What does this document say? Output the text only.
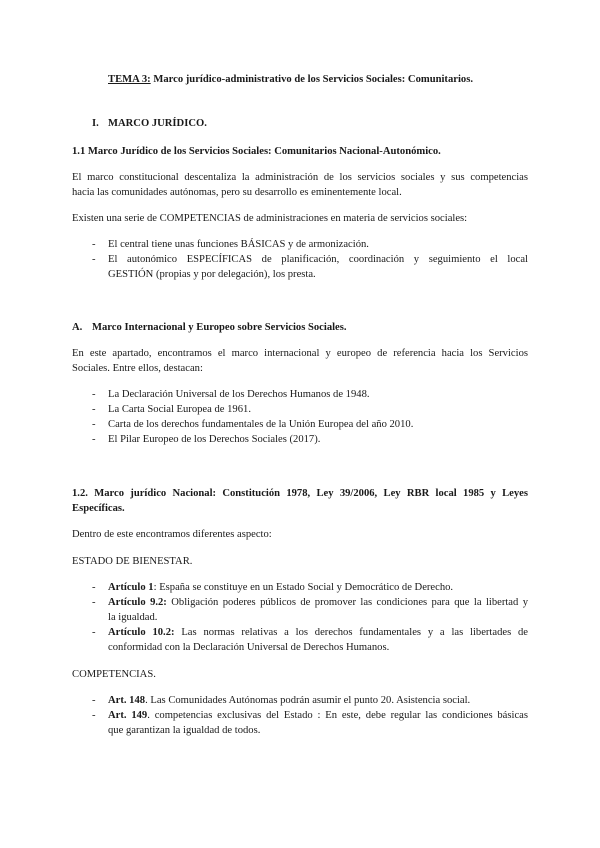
TEMA 3: Marco jurídico-administrativo de los Servicios Sociales: Comunitarios.
I. MARCO JURÍDICO.
1.1 Marco Jurídico de los Servicios Sociales: Comunitarios Nacional-Autonómico.
El marco constitucional descentaliza la administración de los servicios sociales y sus competencias
hacia las comunidades autónomas, pero su desarrollo es eminentemente local.
Existen una serie de COMPETENCIAS de administraciones en materia de servicios sociales:
-	El central tiene unas funciones BÁSICAS y de armonización.
-	El autonómico ESPECÍFICAS de planificación, coordinación y seguimiento el local
GESTIÓN (propias y por delegación), los presta.
A. Marco Internacional y Europeo sobre Servicios Sociales.
En este apartado, encontramos el marco internacional y europeo de referencia hacia los Servicios
Sociales. Entre ellos, destacan:
-	La Declaración Universal de los Derechos Humanos de 1948.
-	La Carta Social Europea de 1961.
-	Carta de los derechos fundamentales de la Unión Europea del año 2010.
-	El Pilar Europeo de los Derechos Sociales (2017).
1.2. Marco jurídico Nacional: Constitución 1978, Ley 39/2006, Ley RBR local 1985 y Leyes
Específicas.
Dentro de este encontramos diferentes aspecto:
ESTADO DE BIENESTAR.
-	Artículo 1: España se constituye en un Estado Social y Democrático de Derecho.
-	Artículo 9.2: Obligación poderes públicos de promover las condiciones para que la libertad y
la igualdad.
-	Artículo 10.2: Las normas relativas a los derechos fundamentales y a las libertades de
conformidad con la Declaración Universal de Derechos Humanos.
COMPETENCIAS.
-	Art. 148. Las Comunidades Autónomas podrán asumir el punto 20. Asistencia social.
-	Art. 149. competencias exclusivas del Estado : En este, debe regular las condiciones básicas
que garantizan la igualdad de todos.
